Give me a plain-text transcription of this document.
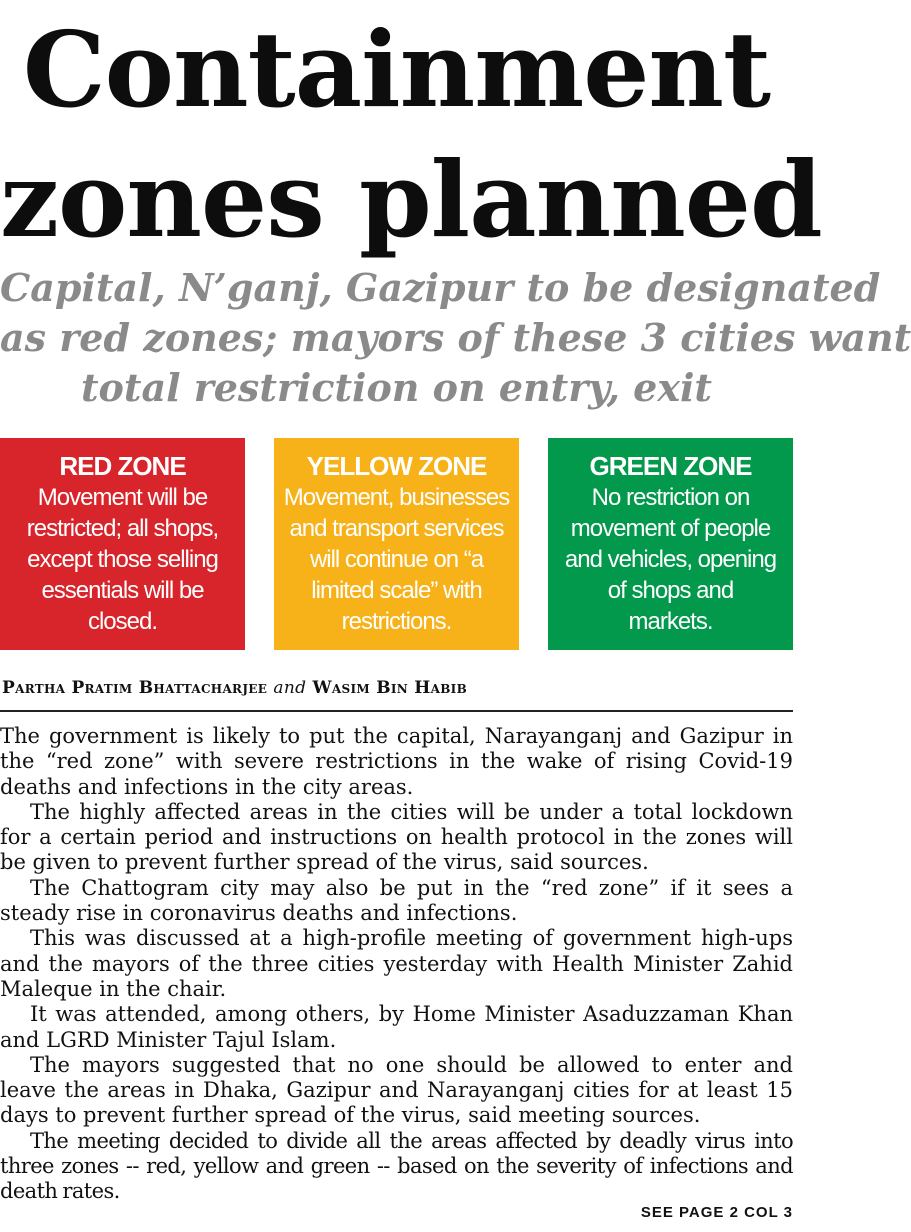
Containment
zones planned
Capital, N’ganj, Gazipur to be designated
as red zones; mayors of these 3 cities want
total restriction on entry, exit
RED ZONE
Movement will be restricted; all shops, except those selling essentials will be closed.
YELLOW ZONE
Movement, businesses and transport services will continue on “a limited scale” with restrictions.
GREEN ZONE
No restriction on movement of people and vehicles, opening of shops and markets.
Partha Pratim Bhattacharjee and Wasim Bin Habib

The government is likely to put the capital, Narayanganj and Gazipur in the “red zone” with severe restrictions in the wake of rising Covid-19 deaths and infections in the city areas.

The highly affected areas in the cities will be under a total lockdown for a certain period and instructions on health protocol in the zones will be given to prevent further spread of the virus, said sources.

The Chattogram city may also be put in the “red zone” if it sees a steady rise in coronavirus deaths and infections.

This was discussed at a high-profile meeting of government high-ups and the mayors of the three cities yesterday with Health Minister Zahid Maleque in the chair.

It was attended, among others, by Home Minister Asaduzzaman Khan and LGRD Minister Tajul Islam.

The mayors suggested that no one should be allowed to enter and leave the areas in Dhaka, Gazipur and Narayanganj cities for at least 15 days to prevent further spread of the virus, said meeting sources.

The meeting decided to divide all the areas affected by deadly virus into three zones -- red, yellow and green -- based on the severity of infections and death rates.

SEE PAGE 2 COL 3
